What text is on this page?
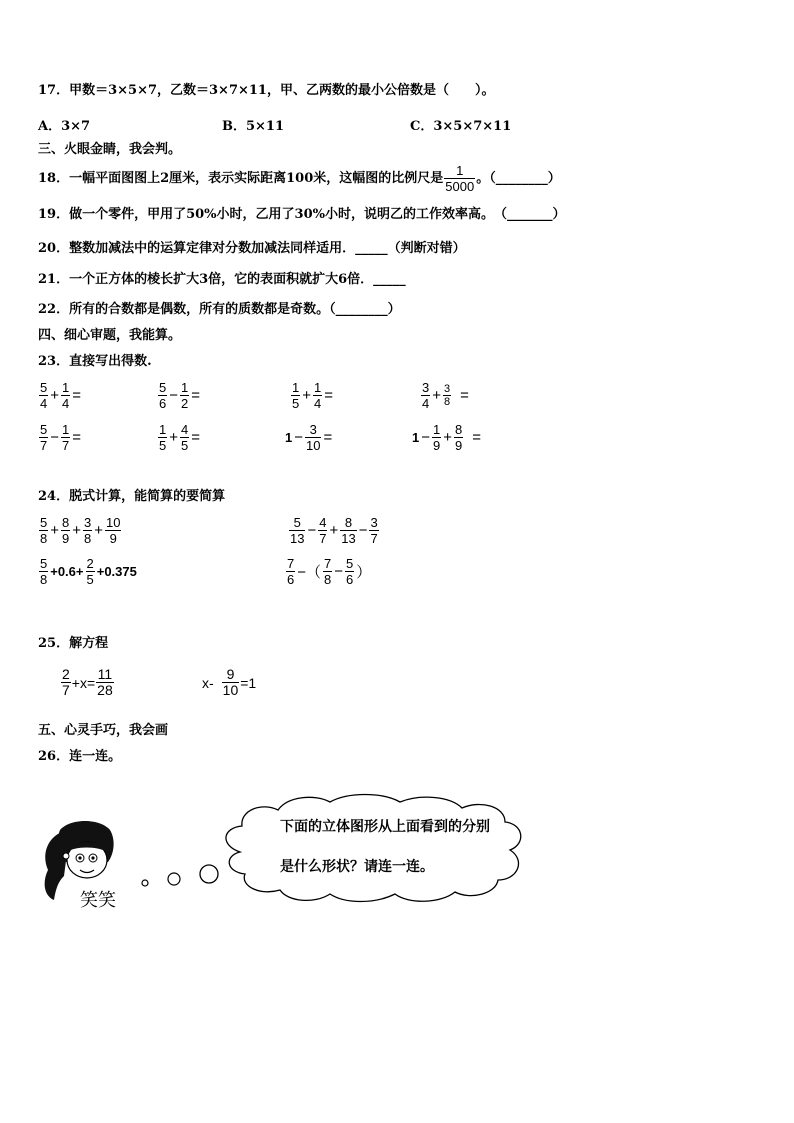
17．甲数＝3×5×7，乙数＝3×7×11，甲、乙两数的最小公倍数是（　　）。
A．3×7	B．5×11	C．3×5×7×11
三、火眼金睛，我会判。
18．一幅平面图图上2厘米，表示实际距离100米，这幅图的比例尺是 $\frac{1}{5000}$ 。（________）
19．做一个零件，甲用了50%小时，乙用了30%小时，说明乙的工作效率高。　（_______）
20．整数加减法中的运算定律对分数加减法同样适用．_____（判断对错）
21．一个正方体的棱长扩大3倍，它的表面积就扩大6倍．_____
22．所有的合数都是偶数，所有的质数都是奇数。（________）
四、细心审题，我能算。
23．直接写出得数.
$\frac{5}{4} + \frac{1}{4}$ =	$\frac{5}{6} - \frac{1}{2}$ =	$\frac{1}{5} + \frac{1}{4}$ =	$\frac{3}{4} + \frac{3}{8}$ =
$\frac{5}{7} - \frac{1}{7}$ =	$\frac{1}{5} + \frac{4}{5}$ =	$1 - \frac{3}{10}$ =	$1 - \frac{1}{9} + \frac{8}{9}$ =
24．脱式计算，能简算的要简算
$\frac{5}{8} + \frac{8}{9} + \frac{3}{8} + \frac{10}{9}$	$\frac{5}{13} - \frac{4}{7} + \frac{8}{13} - \frac{3}{7}$
$\frac{5}{8} +0.6+ \frac{2}{5} +0.375$	$\frac{7}{6}$ −（ $\frac{7}{8} - \frac{5}{6}$ ）
25．解方程
$\frac{2}{7} +x= \frac{11}{28}$	$x- \frac{9}{10} =1$
五、心灵手巧，我会画
26．连一连。
下面的立体图形从上面看到的分别
是什么形状？请连一连。
笑笑
